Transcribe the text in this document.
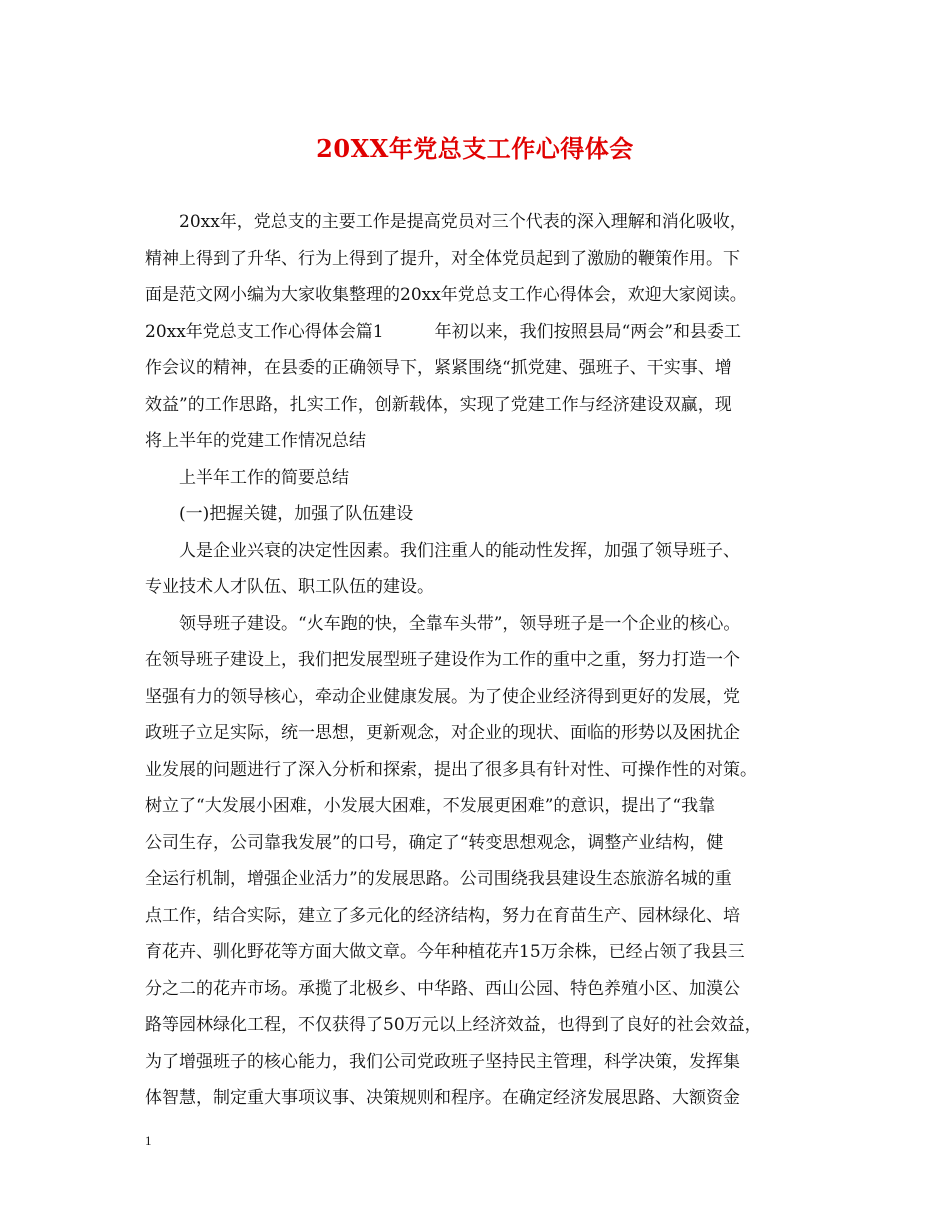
20XX年党总支工作心得体会

　　20xx年，党总支的主要工作是提高党员对三个代表的深入理解和消化吸收，

精神上得到了升华、行为上得到了提升，对全体党员起到了激励的鞭策作用。下

面是范文网小编为大家收集整理的20xx年党总支工作心得体会，欢迎大家阅读。

20xx年党总支工作心得体会篇1　　　年初以来，我们按照县局“两会”和县委工

作会议的精神，在县委的正确领导下，紧紧围绕“抓党建、强班子、干实事、增

效益”的工作思路，扎实工作，创新载体，实现了党建工作与经济建设双赢，现

将上半年的党建工作情况总结

　　上半年工作的简要总结

　　(一)把握关键，加强了队伍建设

　　人是企业兴衰的决定性因素。我们注重人的能动性发挥，加强了领导班子、

专业技术人才队伍、职工队伍的建设。

　　领导班子建设。“火车跑的快，全靠车头带”，领导班子是一个企业的核心。

在领导班子建设上，我们把发展型班子建设作为工作的重中之重，努力打造一个

坚强有力的领导核心，牵动企业健康发展。为了使企业经济得到更好的发展，党

政班子立足实际，统一思想，更新观念，对企业的现状、面临的形势以及困扰企

业发展的问题进行了深入分析和探索，提出了很多具有针对性、可操作性的对策。

树立了“大发展小困难，小发展大困难，不发展更困难”的意识，提出了“我靠

公司生存，公司靠我发展”的口号，确定了“转变思想观念，调整产业结构，健

全运行机制，增强企业活力”的发展思路。公司围绕我县建设生态旅游名城的重

点工作，结合实际，建立了多元化的经济结构，努力在育苗生产、园林绿化、培

育花卉、驯化野花等方面大做文章。今年种植花卉15万余株，已经占领了我县三

分之二的花卉市场。承揽了北极乡、中华路、西山公园、特色养殖小区、加漠公

路等园林绿化工程，不仅获得了50万元以上经济效益，也得到了良好的社会效益，

为了增强班子的核心能力，我们公司党政班子坚持民主管理，科学决策，发挥集

体智慧，制定重大事项议事、决策规则和程序。在确定经济发展思路、大额资金

1
